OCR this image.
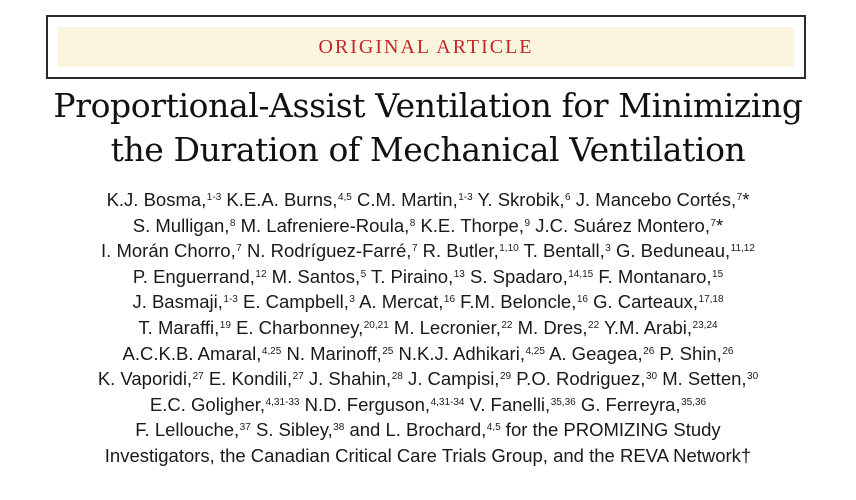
ORIGINAL ARTICLE
Proportional-Assist Ventilation for Minimizing
the Duration of Mechanical Ventilation
K.J. Bosma,$^{1-3}$ K.E.A. Burns,$^{4,5}$ C.M. Martin,$^{1-3}$ Y. Skrobik,$^6$ J. Mancebo Cortés,$^7$*
S. Mulligan,$^8$ M. Lafreniere-Roula,$^8$ K.E. Thorpe,$^9$ J.C. Suárez Montero,$^7$*
I. Morán Chorro,$^7$ N. Rodríguez-Farré,$^7$ R. Butler,$^{1,10}$ T. Bentall,$^3$ G. Beduneau,$^{11,12}$
P. Enguerrand,$^{12}$ M. Santos,$^5$ T. Piraino,$^{13}$ S. Spadaro,$^{14,15}$ F. Montanaro,$^{15}$
J. Basmaji,$^{1-3}$ E. Campbell,$^3$ A. Mercat,$^{16}$ F.M. Beloncle,$^{16}$ G. Carteaux,$^{17,18}$
T. Maraffi,$^{19}$ E. Charbonney,$^{20,21}$ M. Lecronier,$^{22}$ M. Dres,$^{22}$ Y.M. Arabi,$^{23,24}$
A.C.K.B. Amaral,$^{4,25}$ N. Marinoff,$^{25}$ N.K.J. Adhikari,$^{4,25}$ A. Geagea,$^{26}$ P. Shin,$^{26}$
K. Vaporidi,$^{27}$ E. Kondili,$^{27}$ J. Shahin,$^{28}$ J. Campisi,$^{29}$ P.O. Rodriguez,$^{30}$ M. Setten,$^{30}$
E.C. Goligher,$^{4,31-33}$ N.D. Ferguson,$^{4,31-34}$ V. Fanelli,$^{35,36}$ G. Ferreyra,$^{35,36}$
F. Lellouche,$^{37}$ S. Sibley,$^{38}$ and L. Brochard,$^{4,5}$ for the PROMIZING Study
Investigators, the Canadian Critical Care Trials Group, and the REVA Network†
